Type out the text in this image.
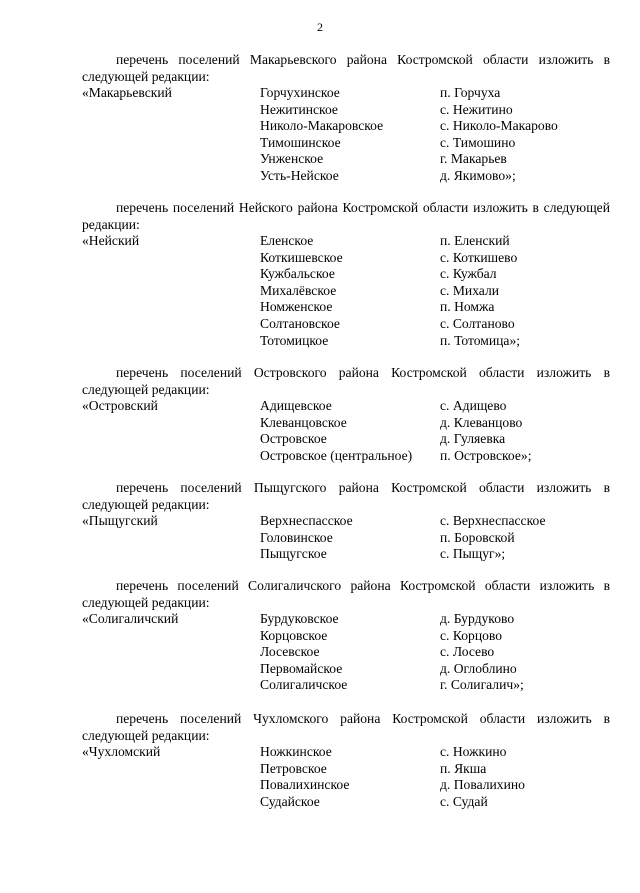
2

перечень поселений Макарьевского района Костромской области изложить в следующей редакции:

«Макарьевский	Горчухинское	п. Горчуха
Нежитинское	с. Нежитино
Николо-Макаровское	с. Николо-Макарово
Тимошинское	с. Тимошино
Унженское	г. Макарьев
Усть-Нейское	д. Якимово»;

перечень поселений Нейского района Костромской области изложить в следующей редакции:

«Нейский	Еленское	п. Еленский
Коткишевское	с. Коткишево
Кужбальское	с. Кужбал
Михалёвское	с. Михали
Номженское	п. Номжа
Солтановское	с. Солтаново
Тотомицкое	п. Тотомица»;

перечень поселений Островского района Костромской области изложить в следующей редакции:

«Островский	Адищевское	с. Адищево
Клеванцовское	д. Клеванцово
Островское	д. Гуляевка
Островское (центральное) п. Островское»;

перечень поселений Пыщугского района Костромской области изложить в следующей редакции:

«Пыщугский	Верхнеспасское	с. Верхнеспасское
Головинское	п. Боровской
Пыщугское	с. Пыщуг»;

перечень поселений Солигаличского района Костромской области изложить в следующей редакции:

«Солигаличский	Бурдуковское	д. Бурдуково
Корцовское	с. Корцово
Лосевское	с. Лосево
Первомайское	д. Оглоблино
Солигаличское	г. Солигалич»;

перечень поселений Чухломского района Костромской области изложить в следующей редакции:

«Чухломский	Ножкинское	с. Ножкино
Петровское	п. Якша
Повалихинское	д. Повалихино
Судайское	с. Судай
